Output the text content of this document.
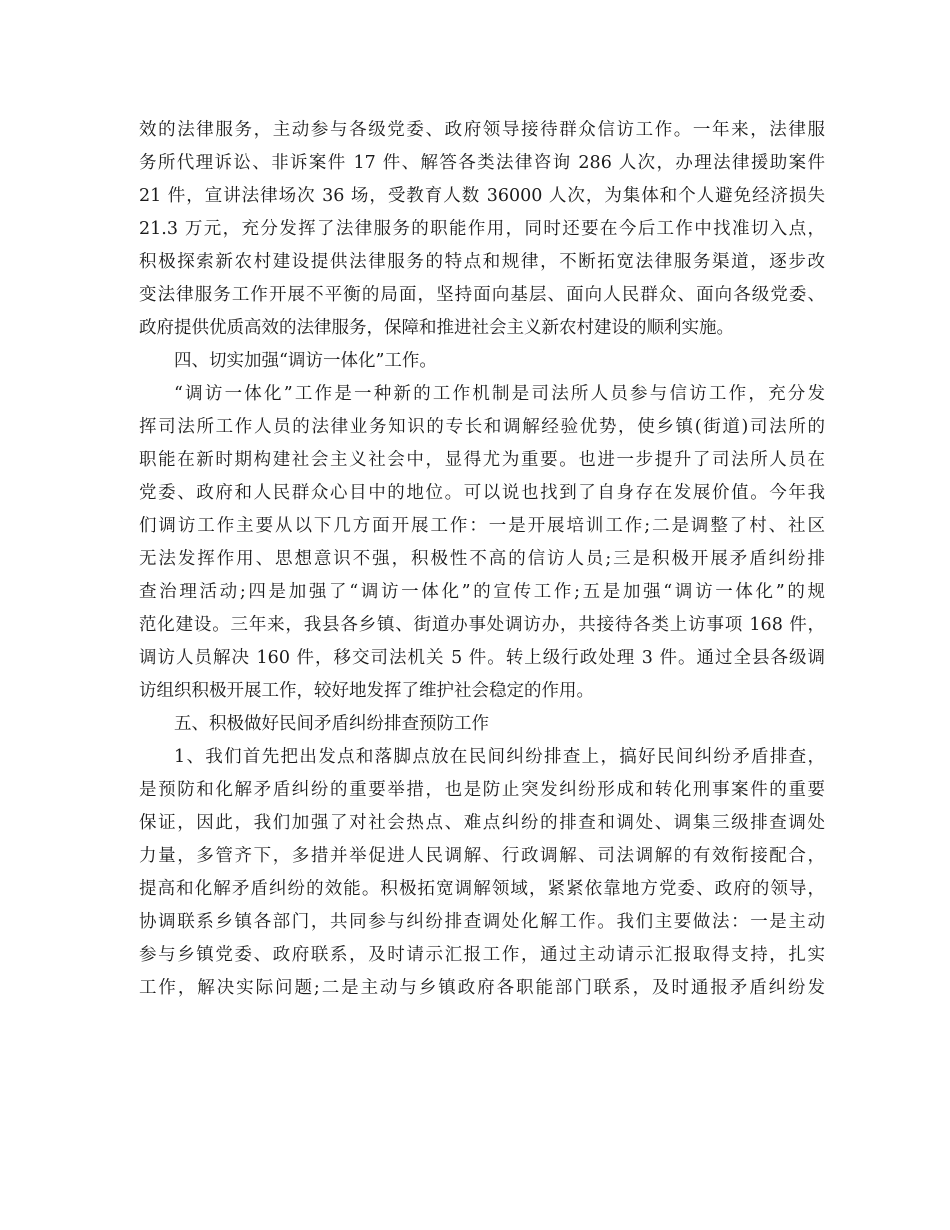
效的法律服务，主动参与各级党委、政府领导接待群众信访工作。一年来，法律服
务所代理诉讼、非诉案件 17 件、解答各类法律咨询 286 人次，办理法律援助案件
21 件，宣讲法律场次 36 场，受教育人数 36000 人次，为集体和个人避免经济损失
21.3 万元，充分发挥了法律服务的职能作用，同时还要在今后工作中找准切入点，
积极探索新农村建设提供法律服务的特点和规律，不断拓宽法律服务渠道，逐步改
变法律服务工作开展不平衡的局面，坚持面向基层、面向人民群众、面向各级党委、
政府提供优质高效的法律服务，保障和推进社会主义新农村建设的顺利实施。
四、切实加强“调访一体化”工作。
“调访一体化”工作是一种新的工作机制是司法所人员参与信访工作，充分发
挥司法所工作人员的法律业务知识的专长和调解经验优势，使乡镇(街道)司法所的
职能在新时期构建社会主义社会中，显得尤为重要。也进一步提升了司法所人员在
党委、政府和人民群众心目中的地位。可以说也找到了自身存在发展价值。今年我
们调访工作主要从以下几方面开展工作：一是开展培训工作;二是调整了村、社区
无法发挥作用、思想意识不强，积极性不高的信访人员;三是积极开展矛盾纠纷排
查治理活动;四是加强了“调访一体化”的宣传工作;五是加强“调访一体化”的规
范化建设。三年来，我县各乡镇、街道办事处调访办，共接待各类上访事项 168 件，
调访人员解决 160 件，移交司法机关 5 件。转上级行政处理 3 件。通过全县各级调
访组织积极开展工作，较好地发挥了维护社会稳定的作用。
五、积极做好民间矛盾纠纷排查预防工作
1、我们首先把出发点和落脚点放在民间纠纷排查上，搞好民间纠纷矛盾排查，
是预防和化解矛盾纠纷的重要举措，也是防止突发纠纷形成和转化刑事案件的重要
保证，因此，我们加强了对社会热点、难点纠纷的排查和调处、调集三级排查调处
力量，多管齐下，多措并举促进人民调解、行政调解、司法调解的有效衔接配合，
提高和化解矛盾纠纷的效能。积极拓宽调解领域，紧紧依靠地方党委、政府的领导，
协调联系乡镇各部门，共同参与纠纷排查调处化解工作。我们主要做法：一是主动
参与乡镇党委、政府联系，及时请示汇报工作，通过主动请示汇报取得支持，扎实
工作，解决实际问题;二是主动与乡镇政府各职能部门联系，及时通报矛盾纠纷发
